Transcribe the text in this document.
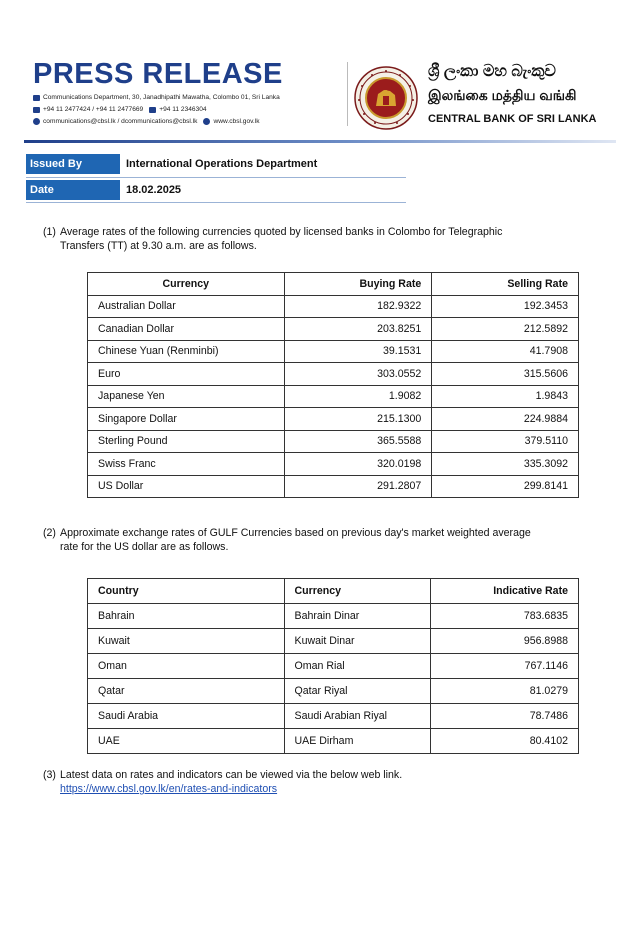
PRESS RELEASE
Communications Department, 30, Janadhipathi Mawatha, Colombo 01, Sri Lanka
+94 11 2477424 / +94 11 2477669 +94 11 2346304
communications@cbsl.lk / dcommunications@cbsl.lk www.cbsl.gov.lk
ශ්‍රී ලංකා මහ බැංකුව
இலங்கை மத்திய வங்கி
CENTRAL BANK OF SRI LANKA
Issued By	International Operations Department
Date	18.02.2025
(1) Average rates of the following currencies quoted by licensed banks in Colombo for Telegraphic
Transfers (TT) at 9.30 a.m. are as follows.
Currency	Buying Rate	Selling Rate
Australian Dollar	182.9322	192.3453
Canadian Dollar	203.8251	212.5892
Chinese Yuan (Renminbi)	39.1531	41.7908
Euro	303.0552	315.5606
Japanese Yen	1.9082	1.9843
Singapore Dollar	215.1300	224.9884
Sterling Pound	365.5588	379.5110
Swiss Franc	320.0198	335.3092
US Dollar	291.2807	299.8141
(2) Approximate exchange rates of GULF Currencies based on previous day's market weighted average
rate for the US dollar are as follows.
Country	Currency	Indicative Rate
Bahrain	Bahrain Dinar	783.6835
Kuwait	Kuwait Dinar	956.8988
Oman	Oman Rial	767.1146
Qatar	Qatar Riyal	81.0279
Saudi Arabia	Saudi Arabian Riyal	78.7486
UAE	UAE Dirham	80.4102
(3) Latest data on rates and indicators can be viewed via the below web link.
https://www.cbsl.gov.lk/en/rates-and-indicators
